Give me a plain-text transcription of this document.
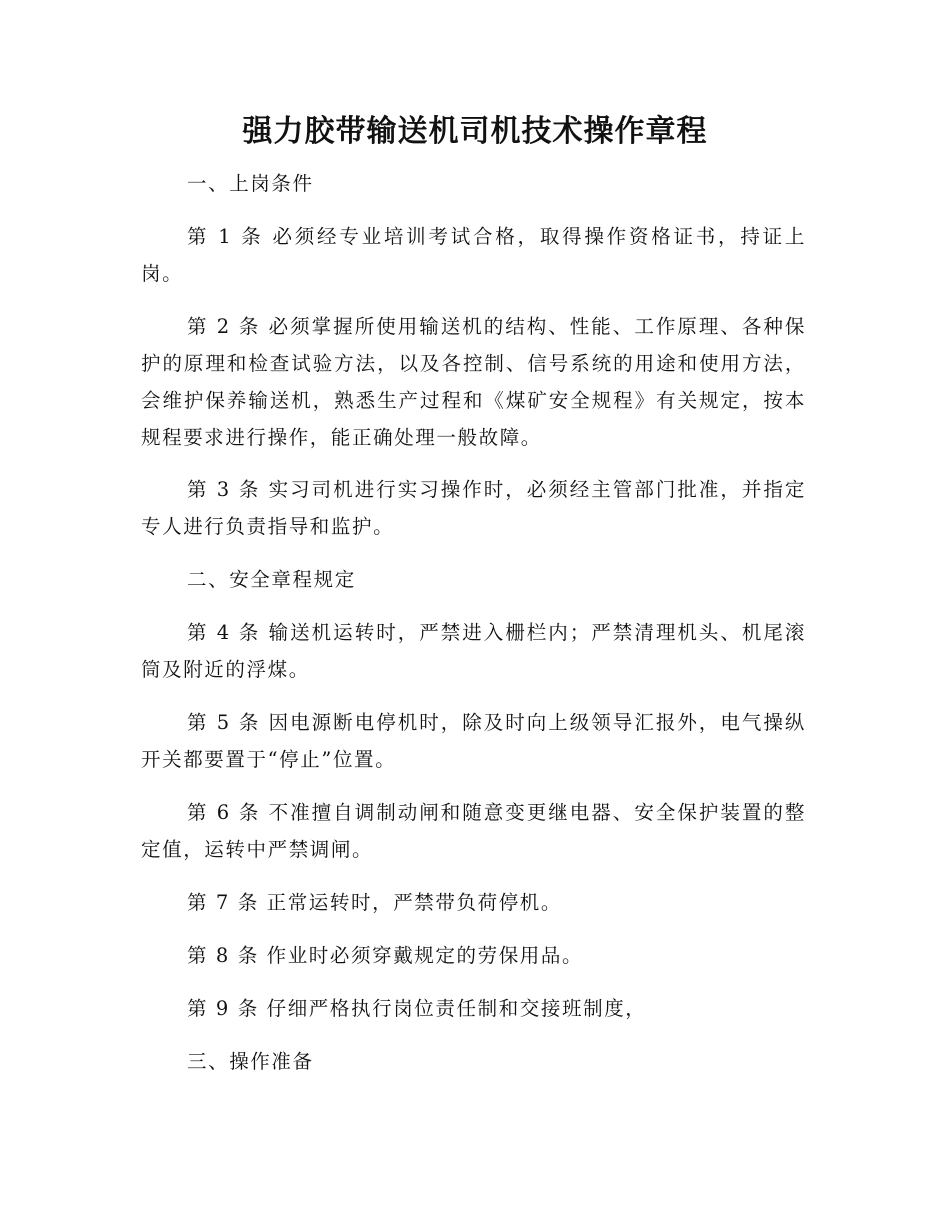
强力胶带输送机司机技术操作章程

一、上岗条件

第 1 条 必须经专业培训考试合格，取得操作资格证书，持证上岗。

第 2 条 必须掌握所使用输送机的结构、性能、工作原理、各种保护的原理和检查试验方法，以及各控制、信号系统的用途和使用方法，会维护保养输送机，熟悉生产过程和《煤矿安全规程》有关规定，按本规程要求进行操作，能正确处理一般故障。

第 3 条 实习司机进行实习操作时，必须经主管部门批准，并指定专人进行负责指导和监护。

二、安全章程规定

第 4 条 输送机运转时，严禁进入栅栏内；严禁清理机头、机尾滚筒及附近的浮煤。

第 5 条 因电源断电停机时，除及时向上级领导汇报外，电气操纵开关都要置于“停止”位置。

第 6 条 不准擅自调制动闸和随意变更继电器、安全保护装置的整定值，运转中严禁调闸。

第 7 条 正常运转时，严禁带负荷停机。

第 8 条 作业时必须穿戴规定的劳保用品。

第 9 条 仔细严格执行岗位责任制和交接班制度，

三、操作准备
